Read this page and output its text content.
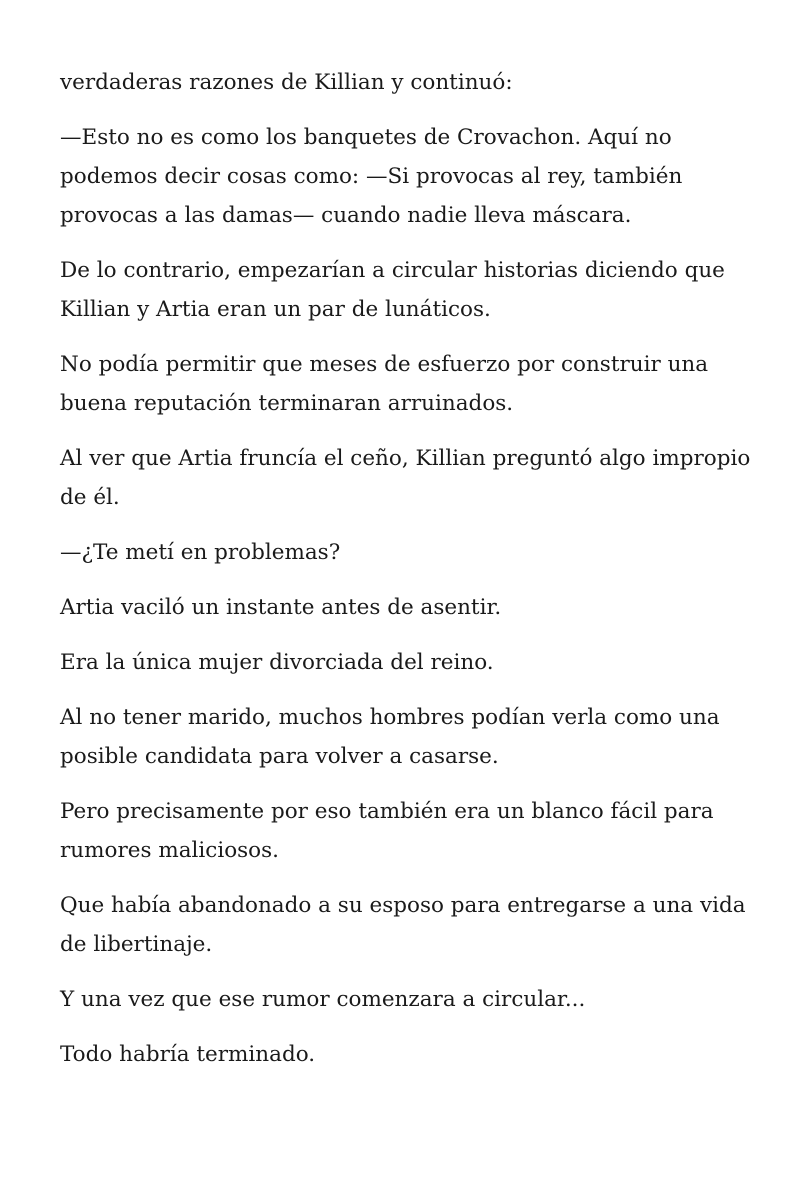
verdaderas razones de Killian y continuó:

—Esto no es como los banquetes de Crovachon. Aquí no podemos decir cosas como: —Si provocas al rey, también provocas a las damas— cuando nadie lleva máscara.

De lo contrario, empezarían a circular historias diciendo que Killian y Artia eran un par de lunáticos.

No podía permitir que meses de esfuerzo por construir una buena reputación terminaran arruinados.

Al ver que Artia fruncía el ceño, Killian preguntó algo impropio de él.

—¿Te metí en problemas?

Artia vaciló un instante antes de asentir.

Era la única mujer divorciada del reino.

Al no tener marido, muchos hombres podían verla como una posible candidata para volver a casarse.

Pero precisamente por eso también era un blanco fácil para rumores maliciosos.

Que había abandonado a su esposo para entregarse a una vida de libertinaje.

Y una vez que ese rumor comenzara a circular...

Todo habría terminado.
